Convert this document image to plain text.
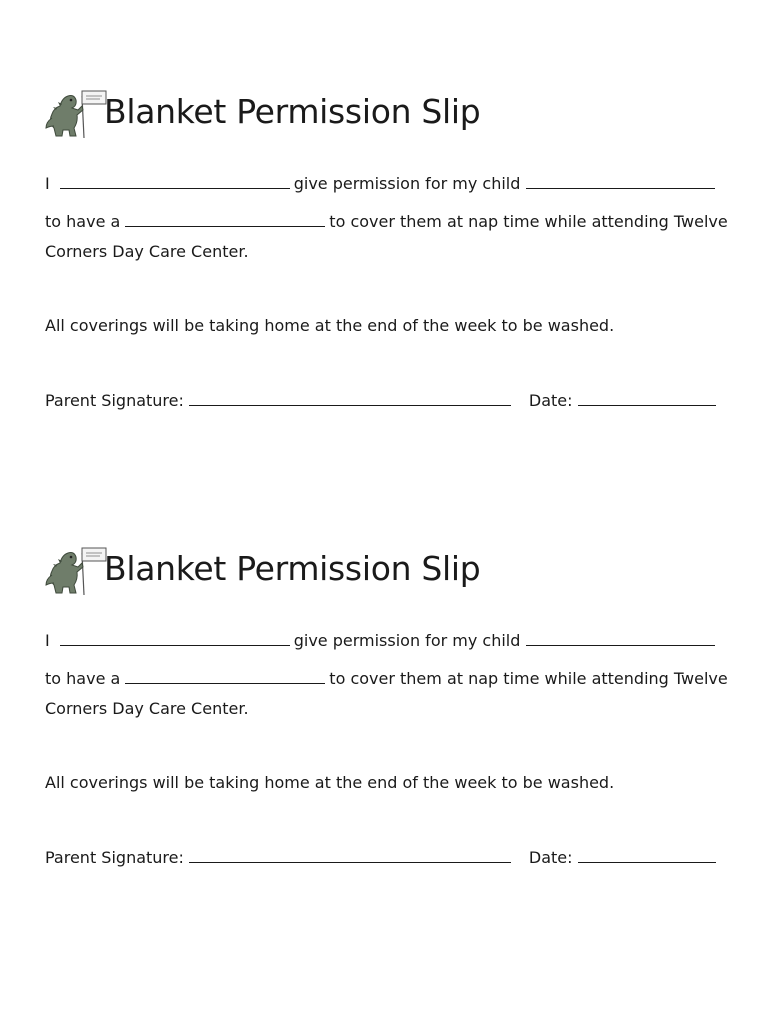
Blanket Permission Slip
I	give permission for my child
to have a	to cover them at nap time while attending Twelve
Corners Day Care Center.
All coverings will be taking home at the end of the week to be washed.
Parent Signature:	Date:
Blanket Permission Slip
I	give permission for my child
to have a	to cover them at nap time while attending Twelve
Corners Day Care Center.
All coverings will be taking home at the end of the week to be washed.
Parent Signature:	Date:
